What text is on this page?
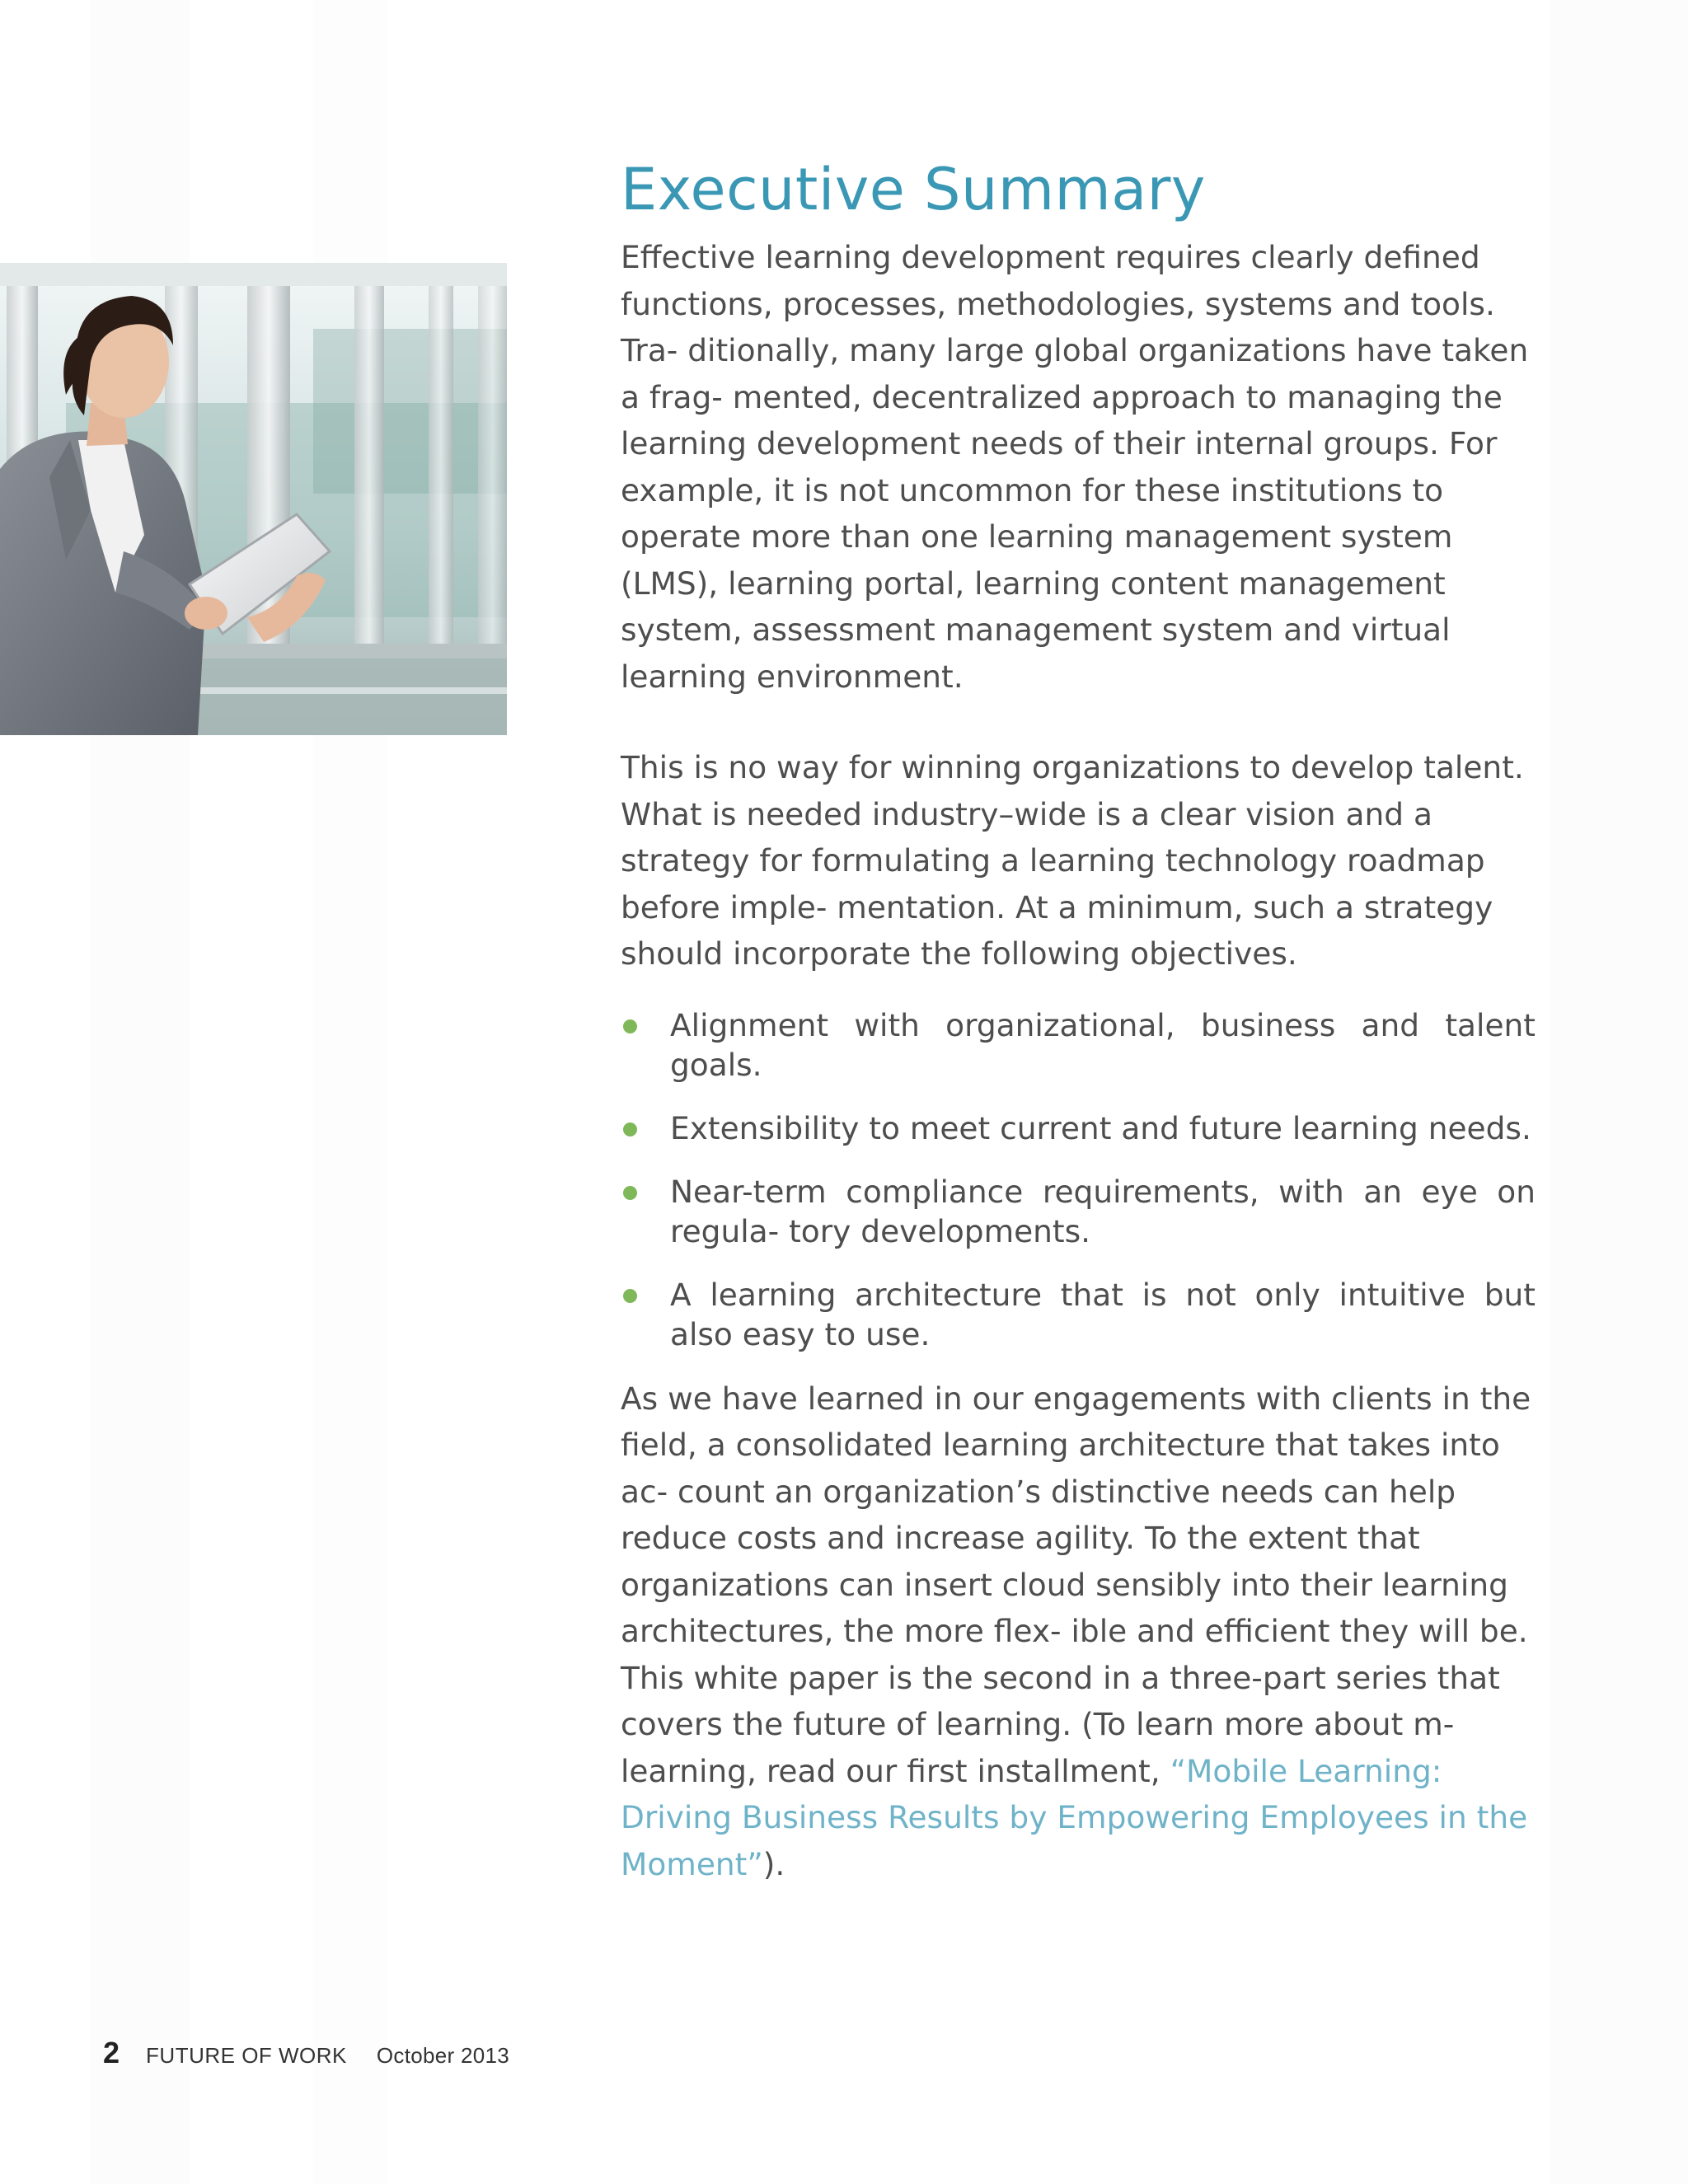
Executive Summary

Effective learning development requires clearly defined functions, processes, methodologies, systems and tools. Tra- ditionally, many large global organizations have taken a frag- mented, decentralized approach to managing the learning development needs of their internal groups. For example, it is not uncommon for these institutions to operate more than one learning management system (LMS), learning portal, learning content management system, assessment management system and virtual learning environment.

This is no way for winning organizations to develop talent. What is needed industry–wide is a clear vision and a strategy for formulating a learning technology roadmap before imple- mentation. At a minimum, such a strategy should incorporate the following objectives.

Alignment with organizational, business and talent goals.
Extensibility to meet current and future learning needs.
Near-term compliance requirements, with an eye on regula- tory developments.
A learning architecture that is not only intuitive but also easy to use.

As we have learned in our engagements with clients in the field, a consolidated learning architecture that takes into ac- count an organization’s distinctive needs can help reduce costs and increase agility. To the extent that organizations can insert cloud sensibly into their learning architectures, the more flex- ible and efficient they will be. This white paper is the second in a three-part series that covers the future of learning. (To learn more about m-learning, read our first installment, “Mobile Learning: Driving Business Results by Empowering Employees in the Moment”).

2 FUTURE OF WORK October 2013
